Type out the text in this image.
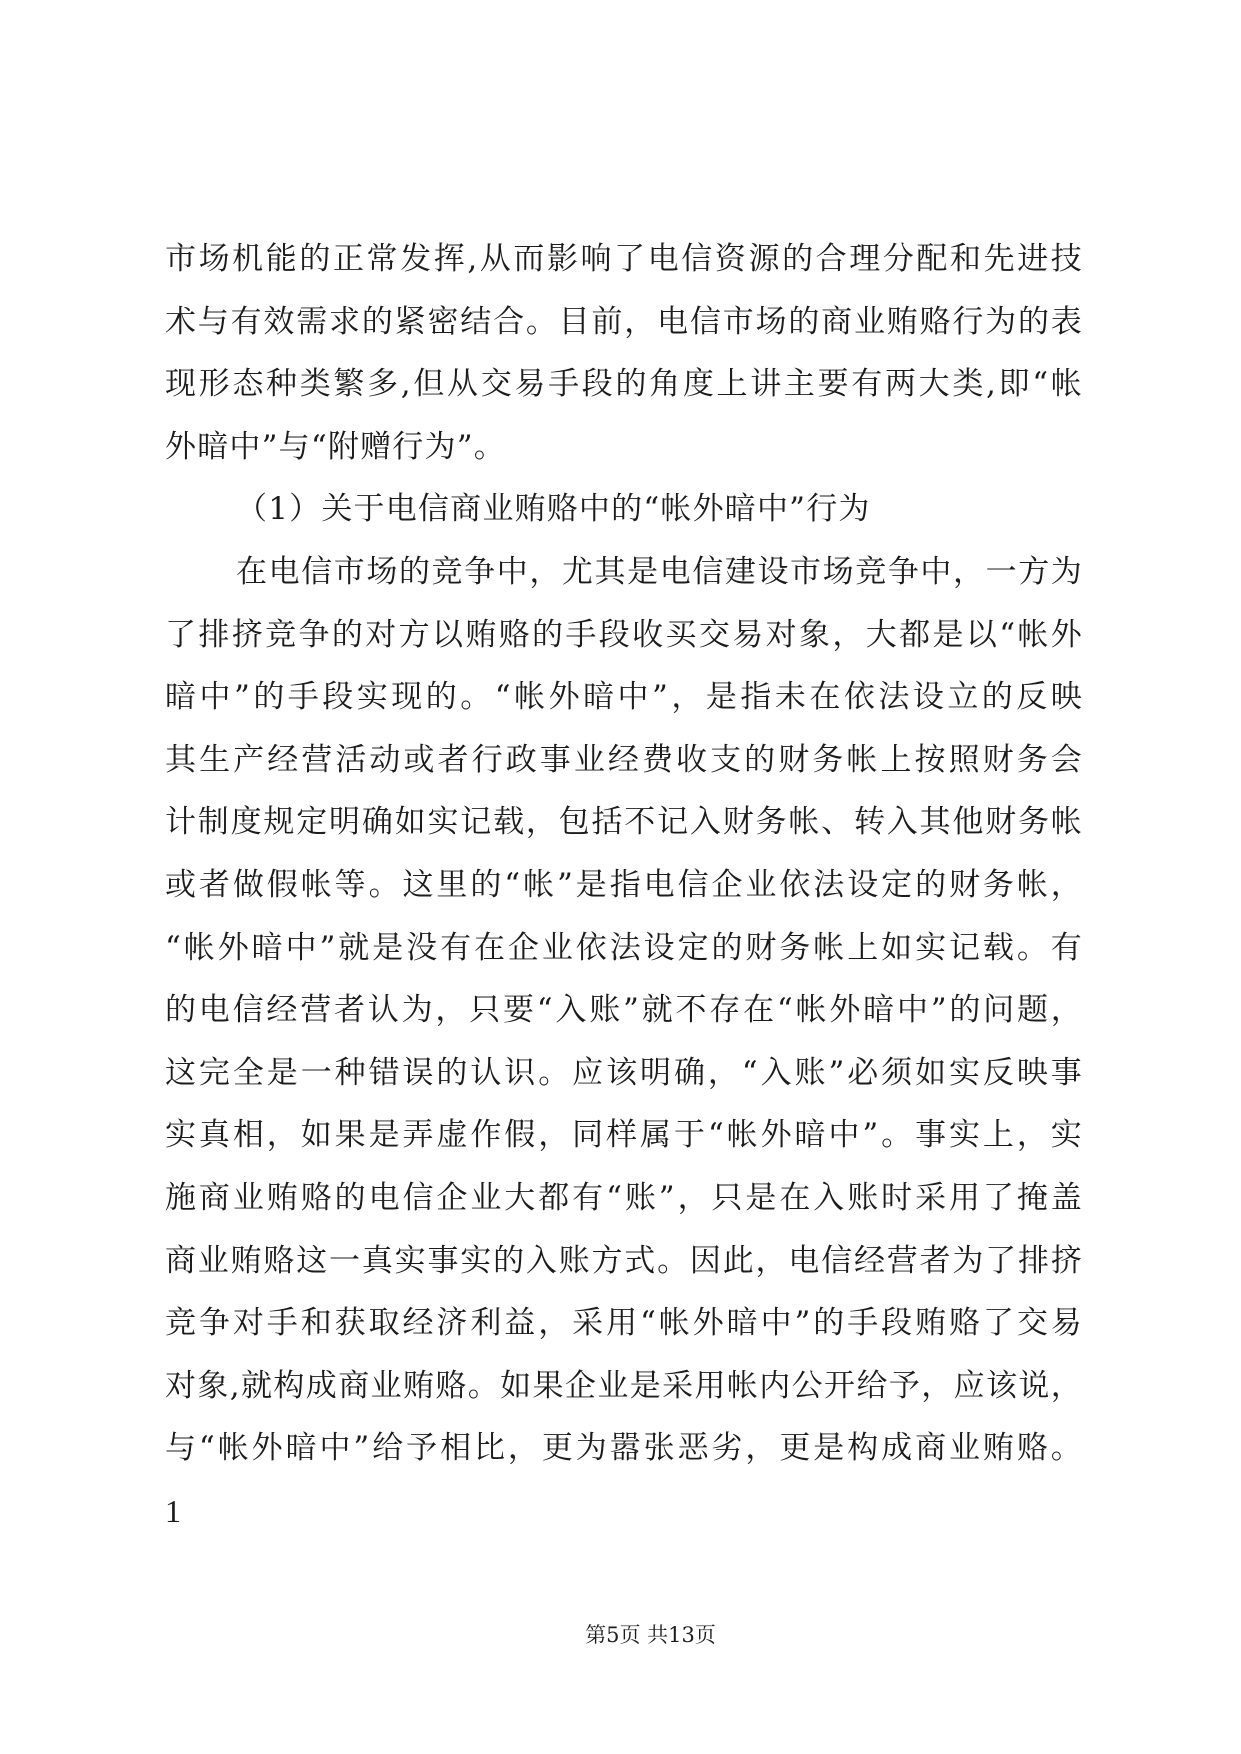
市场机能的正常发挥,从而影响了电信资源的合理分配和先进技
术与有效需求的紧密结合。目前，电信市场的商业贿赂行为的表
现形态种类繁多,但从交易手段的角度上讲主要有两大类,即“帐
外暗中”与“附赠行为”。
（1）关于电信商业贿赂中的“帐外暗中”行为
在电信市场的竞争中，尤其是电信建设市场竞争中，一方为
了排挤竞争的对方以贿赂的手段收买交易对象，大都是以“帐外
暗中”的手段实现的。“帐外暗中”，是指未在依法设立的反映
其生产经营活动或者行政事业经费收支的财务帐上按照财务会
计制度规定明确如实记载，包括不记入财务帐、转入其他财务帐
或者做假帐等。这里的“帐”是指电信企业依法设定的财务帐，
“帐外暗中”就是没有在企业依法设定的财务帐上如实记载。有
的电信经营者认为，只要“入账”就不存在“帐外暗中”的问题，
这完全是一种错误的认识。应该明确，“入账”必须如实反映事
实真相，如果是弄虚作假，同样属于“帐外暗中”。事实上，实
施商业贿赂的电信企业大都有“账”，只是在入账时采用了掩盖
商业贿赂这一真实事实的入账方式。因此，电信经营者为了排挤
竞争对手和获取经济利益，采用“帐外暗中”的手段贿赂了交易
对象,就构成商业贿赂。如果企业是采用帐内公开给予，应该说，
与“帐外暗中”给予相比，更为嚣张恶劣，更是构成商业贿赂。
1
第5页 共13页
